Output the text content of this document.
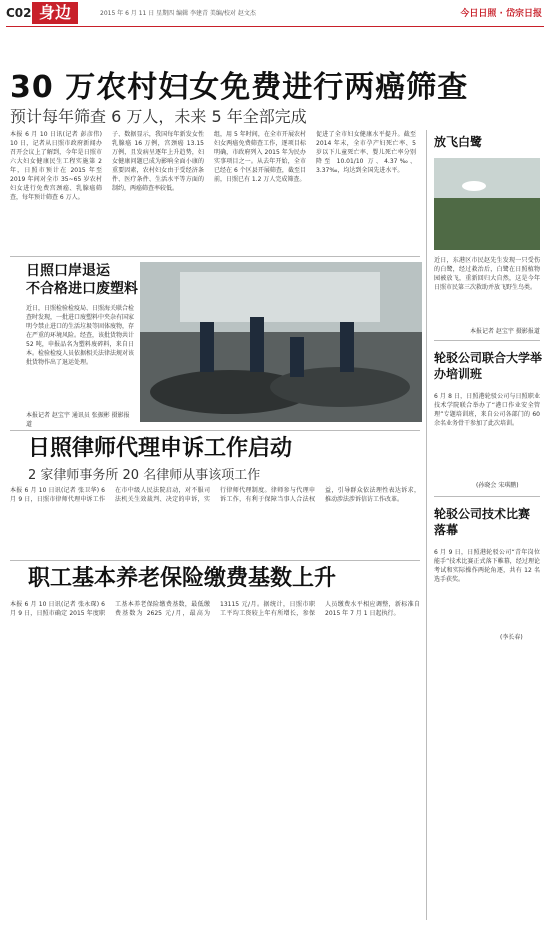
C02 身边	2015 年 6 月 11 日 星期四 编辑 李建青 美编/校对 赵文杰	今日日照 · 岱宗日报
30 万农村妇女免费进行两癌筛查
预计每年筛查 6 万人，未来 5 年全部完成
本报 6 月 10 日讯(记者 彭彦伟) 10 日，记者从日照市政府新闻办召开会议上了解到，今年是日照市六大妇女健康民生工程实施第 2 年，日照市预计在 2015 年至 2019 年间对全市 35~65 岁农村妇女进行免费宫颈癌、乳腺癌筛查，每年预计筛查 6 万人。
子、数据显示，我国每年新发女性乳腺癌 16 万例，宫颈癌 13.15 万例，且发病呈逐年上升趋势，妇女健康问题已成为影响全面小康的重要因素，农村妇女由于受经济条件、医疗条件、生活水平等方面的制约，两癌筛查率较低。
组，用 5 年时间，在全市开展农村妇女两癌免费筛查工作，逐项目标明确，市政府列入 2015 年为民办实事项目之一。从去年开始，全市已经在 6 个区县开展筛查，截至目前，日照已有 1.2 万人完成筛查。
促进了全市妇女健康水平提升。截至 2014 年末，全市孕产妇死亡率、5 岁以下儿童死亡率、婴儿死亡率分别降至 10.01/10 万、4.37‰、3.37‰，均达到全国先进水平。
日照口岸退运
不合格进口废塑料
近日，日照检验检疫局、日照海关联合检查时发现，一批进口废塑料中夹杂有国家明令禁止进口的生活垃圾等固体废物，存在严重的环境风险。经查，该批货物共计 52 吨，申报品名为塑料废碎料，来自日本。检验检疫人员依据相关法律法规对该批货物作出了退运处理。
本报记者 赵宝宇 通讯员 张振彬 摄影报道
放飞白鹭
近日，东港区市民赵先生发现一只受伤的白鹭，经过救治后，白鹭在日照植物园被放飞，重新回归大自然，这是今年日照市民第三次救助并放飞野生鸟类。
本报记者 赵宝宇 摄影报道
轮驳公司联合大学举办培训班
6 月 8 日，日照港轮驳公司与日照职业技术学院联合举办了“港口作业安全管理”专题培训班，来自公司各部门的 60 余名业务骨干参加了此次培训。
(孙晓会 宋琪鹏)
轮驳公司技术比赛落幕
6 月 9 日，日照港轮驳公司“青年岗位能手”技术比赛正式落下帷幕，经过理论考试和实际操作两轮角逐，共有 12 名选手获奖。
(李长春)
日照律师代理申诉工作启动
2 家律师事务所 20 名律师从事该项工作
本报 6 月 10 日讯(记者 张卫华) 6 月 9 日，日照市律师代理申诉工作在市中级人民法院启动，对不服司法机关生效裁判、决定的申诉，实行律师代理制度。律师参与代理申诉工作，有利于保障当事人合法权益，引导群众依法理性表达诉求，推动涉法涉诉信访工作改革。
职工基本养老保险缴费基数上升
本报 6 月 10 日讯(记者 张永琛) 6 月 9 日，日照市确定 2015 年度职工基本养老保险缴费基数，最低缴费基数为 2625 元/月，最高为 13115 元/月。据统计，日照市职工平均工资较上年有所增长，参保人员缴费水平相应调整，新标准自 2015 年 7 月 1 日起执行。
